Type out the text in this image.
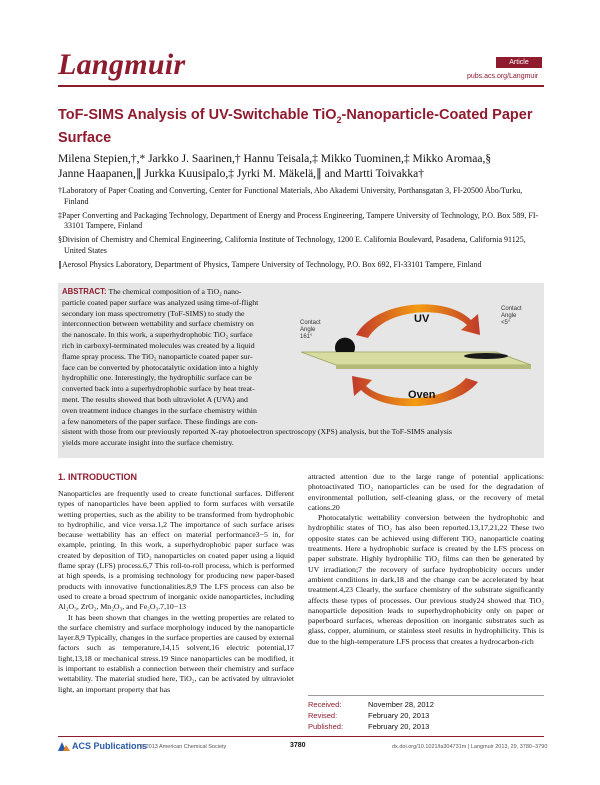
Langmuir	Article
pubs.acs.org/Langmuir
ToF-SIMS Analysis of UV-Switchable TiO$_2$-Nanoparticle-Coated Paper Surface
Milena Stepien,†,* Jarkko J. Saarinen,† Hannu Teisala,‡ Mikko Tuominen,‡ Mikko Aromaa,§
Janne Haapanen,∥ Jurkka Kuusipalo,‡ Jyrki M. Mäkelä,∥ and Martti Toivakka†

†Laboratory of Paper Coating and Converting, Center for Functional Materials, Abo Akademi University, Porthansgatan 3, FI-20500 Åbo/Turku, Finland

‡Paper Converting and Packaging Technology, Department of Energy and Process Engineering, Tampere University of Technology, P.O. Box 589, FI-33101 Tampere, Finland

§Division of Chemistry and Chemical Engineering, California Institute of Technology, 1200 E. California Boulevard, Pasadena, California 91125, United States

∥Aerosol Physics Laboratory, Department of Physics, Tampere University of Technology, P.O. Box 692, FI-33101 Tampere, Finland

ABSTRACT: The chemical composition of a TiO₂ nano-
particle coated paper surface was analyzed using time-of-flight
secondary ion mass spectrometry (ToF-SIMS) to study the
interconnection between wettability and surface chemistry on
the nanoscale. In this work, a superhydrophobic TiO₂ surface
rich in carboxyl-terminated molecules was created by a liquid
flame spray process. The TiO₂ nanoparticle coated paper sur-
face can be converted by photocatalytic oxidation into a highly
hydrophilic one. Interestingly, the hydrophilic surface can be
converted back into a superhydrophobic surface by heat treat-
ment. The results showed that both ultraviolet A (UVA) and
oven treatment induce changes in the surface chemistry within
a few nanometers of the paper surface. These findings are con-
sistent with those from our previously reported X-ray photoelectron spectroscopy (XPS) analysis, but the ToF-SIMS analysis
yields more accurate insight into the surface chemistry.
UV
Oven
Contact
Angle
161°
Contact
Angle
<5°
1. INTRODUCTION

Nanoparticles are frequently used to create functional surfaces. Different types of nanoparticles have been applied to form surfaces with versatile wetting properties, such as the ability to be transformed from hydrophobic to hydrophilic, and vice versa.1,2 The importance of such surface arises because wettability has an effect on material performance3−5 in, for example, printing. In this work, a superhydrophobic paper surface was created by deposition of TiO₂ nanoparticles on coated paper using a liquid flame spray (LFS) process.6,7 This roll-to-roll process, which is performed at high speeds, is a promising technology for producing new paper-based products with innovative functionalities.8,9 The LFS process can also be used to create a broad spectrum of inorganic oxide nanoparticles, including Al₂O₃, ZrO₂, Mn₂O₃, and Fe₂O₃.7,10−13

It has been shown that changes in the wetting properties are related to the surface chemistry and surface morphology induced by the nanoparticle layer.8,9 Typically, changes in the surface properties are caused by external factors such as temperature,14,15 solvent,16 electric potential,17 light,13,18 or mechanical stress.19 Since nanoparticles can be modified, it is important to establish a connection between their chemistry and surface wettability. The material studied here, TiO₂, can be activated by ultraviolet light, an important property that has

attracted attention due to the large range of potential applications: photoactivated TiO₂ nanoparticles can be used for the degradation of environmental pollution, self-cleaning glass, or the recovery of metal cations.20

Photocatalytic wettability conversion between the hydrophobic and hydrophilic states of TiO₂ has also been reported.13,17,21,22 These two opposite states can be achieved using different TiO₂ nanoparticle coating treatments. Here a hydrophobic surface is created by the LFS process on paper substrate. Highly hydrophilic TiO₂ films can then be generated by UV irradiation;7 the recovery of surface hydrophobicity occurs under ambient conditions in dark,18 and the change can be accelerated by heat treatment.4,23 Clearly, the surface chemistry of the substrate significantly affects these types of processes. Our previous study24 showed that TiO₂ nanoparticle deposition leads to superhydrophobicity only on paper or paperboard surfaces, whereas deposition on inorganic substrates such as glass, copper, aluminum, or stainless steel results in hydrophilicity. This is due to the high-temperature LFS process that creates a hydrocarbon-rich

Received:	November 28, 2012
Revised:	February 20, 2013
Published:	February 20, 2013
ACS Publications
© 2013 American Chemical Society	3780	dx.doi.org/10.1021/la304731m | Langmuir 2013, 29, 3780−3790
